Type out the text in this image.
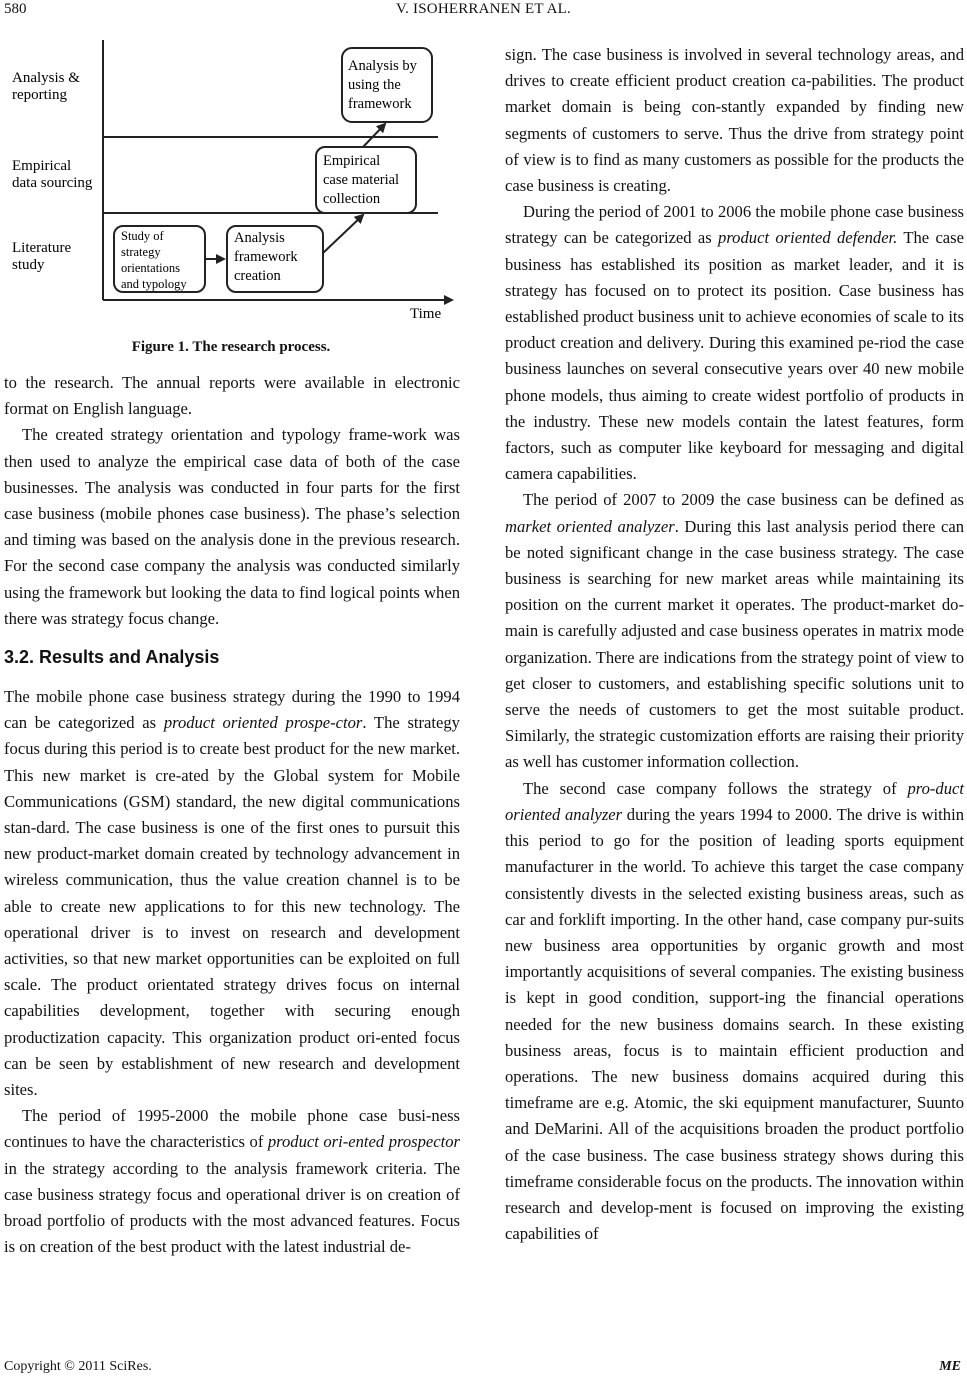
580	V. ISOHERRANEN ET AL.
Analysis & reporting
Empirical data sourcing
Literature study
Study of strategy orientations and typology
Analysis framework creation
Empirical case material collection
Analysis by using the framework
Time
Figure 1. The research process.

to the research. The annual reports were available in electronic format on English language.

The created strategy orientation and typology frame-work was then used to analyze the empirical case data of both of the case businesses. The analysis was conducted in four parts for the first case business (mobile phones case business). The phase’s selection and timing was based on the analysis done in the previous research. For the second case company the analysis was conducted similarly using the framework but looking the data to find logical points when there was strategy focus change.

3.2. Results and Analysis

The mobile phone case business strategy during the 1990 to 1994 can be categorized as product oriented prospe-ctor. The strategy focus during this period is to create best product for the new market. This new market is cre-ated by the Global system for Mobile Communications (GSM) standard, the new digital communications stan-dard. The case business is one of the first ones to pursuit this new product-market domain created by technology advancement in wireless communication, thus the value creation channel is to be able to create new applications to for this new technology. The operational driver is to invest on research and development activities, so that new market opportunities can be exploited on full scale. The product orientated strategy drives focus on internal capabilities development, together with securing enough productization capacity. This organization product ori-ented focus can be seen by establishment of new research and development sites.

The period of 1995-2000 the mobile phone case busi-ness continues to have the characteristics of product ori-ented prospector in the strategy according to the analysis framework criteria. The case business strategy focus and operational driver is on creation of broad portfolio of products with the most advanced features. Focus is on creation of the best product with the latest industrial de-

sign. The case business is involved in several technology areas, and drives to create efficient product creation ca-pabilities. The product market domain is being con-stantly expanded by finding new segments of customers to serve. Thus the drive from strategy point of view is to find as many customers as possible for the products the case business is creating.

During the period of 2001 to 2006 the mobile phone case business strategy can be categorized as product oriented defender. The case business has established its position as market leader, and it is strategy has focused on to protect its position. Case business has established product business unit to achieve economies of scale to its product creation and delivery. During this examined pe-riod the case business launches on several consecutive years over 40 new mobile phone models, thus aiming to create widest portfolio of products in the industry. These new models contain the latest features, form factors, such as computer like keyboard for messaging and digital camera capabilities.

The period of 2007 to 2009 the case business can be defined as market oriented analyzer. During this last analysis period there can be noted significant change in the case business strategy. The case business is searching for new market areas while maintaining its position on the current market it operates. The product-market do-main is carefully adjusted and case business operates in matrix mode organization. There are indications from the strategy point of view to get closer to customers, and establishing specific solutions unit to serve the needs of customers to get the most suitable product. Similarly, the strategic customization efforts are raising their priority as well has customer information collection.

The second case company follows the strategy of pro-duct oriented analyzer during the years 1994 to 2000. The drive is within this period to go for the position of leading sports equipment manufacturer in the world. To achieve this target the case company consistently divests in the selected existing business areas, such as car and forklift importing. In the other hand, case company pur-suits new business area opportunities by organic growth and most importantly acquisitions of several companies. The existing business is kept in good condition, support-ing the financial operations needed for the new business domains search. In these existing business areas, focus is to maintain efficient production and operations. The new business domains acquired during this timeframe are e.g. Atomic, the ski equipment manufacturer, Suunto and DeMarini. All of the acquisitions broaden the product portfolio of the case business. The case business strategy shows during this timeframe considerable focus on the products. The innovation within research and develop-ment is focused on improving the existing capabilities of

Copyright © 2011 SciRes.	ME
